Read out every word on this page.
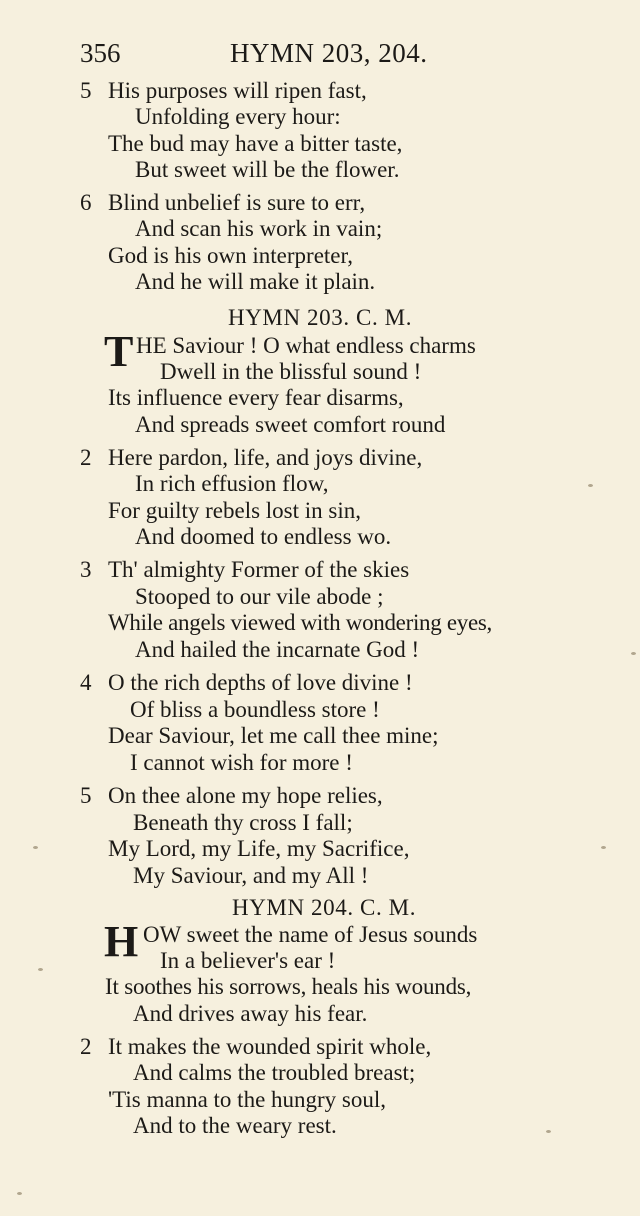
356	HYMN 203, 204.
5 His purposes will ripen fast,
Unfolding every hour:
The bud may have a bitter taste,
But sweet will be the flower.
6 Blind unbelief is sure to err,
And scan his work in vain;
God is his own interpreter,
And he will make it plain.
HYMN 203. C. M.
T HE Saviour ! O what endless charms
Dwell in the blissful sound !
Its influence every fear disarms,
And spreads sweet comfort round
2 Here pardon, life, and joys divine,
In rich effusion flow,
For guilty rebels lost in sin,
And doomed to endless wo.
3 Th' almighty Former of the skies
Stooped to our vile abode ;
While angels viewed with wondering eyes,
And hailed the incarnate God !
4 O the rich depths of love divine !
Of bliss a boundless store !
Dear Saviour, let me call thee mine;
I cannot wish for more !
5 On thee alone my hope relies,
Beneath thy cross I fall;
My Lord, my Life, my Sacrifice,
My Saviour, and my All !
HYMN 204. C. M.
H OW sweet the name of Jesus sounds
In a believer's ear !
It soothes his sorrows, heals his wounds,
And drives away his fear.
2 It makes the wounded spirit whole,
And calms the troubled breast;
'Tis manna to the hungry soul,
And to the weary rest.
